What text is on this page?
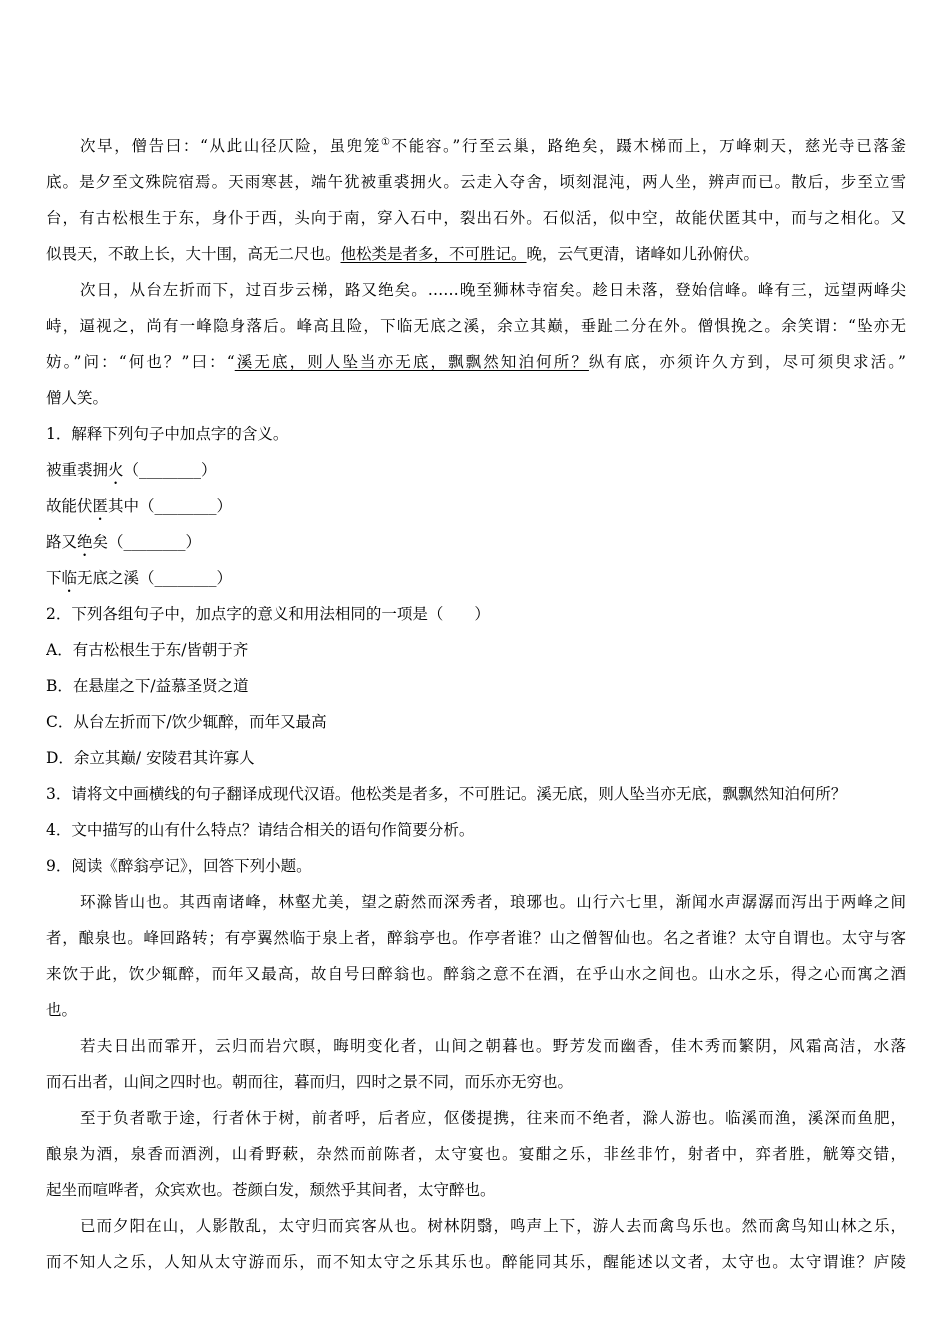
次早，僧告曰：“从此山径仄险，虽兜笼①不能容。”行至云巢，路绝矣，蹑木梯而上，万峰刺天，慈光寺已落釜
底。是夕至文殊院宿焉。天雨寒甚，端午犹被重裘拥火。云走入夺舍，顷刻混沌，两人坐，辨声而已。散后，步至立雪
台，有古松根生于东，身仆于西，头向于南，穿入石中，裂出石外。石似活，似中空，故能伏匿其中，而与之相化。又
似畏天，不敢上长，大十围，高无二尺也。他松类是者多，不可胜记。晚，云气更清，诸峰如儿孙俯伏。
次日，从台左折而下，过百步云梯，路又绝矣。……晚至狮林寺宿矣。趁日未落，登始信峰。峰有三，远望两峰尖
峙，逼视之，尚有一峰隐身落后。峰高且险，下临无底之溪，余立其巅，垂趾二分在外。僧惧挽之。余笑谓：“坠亦无
妨。”问：“何也？”曰：“溪无底，则人坠当亦无底，飘飘然知泊何所？纵有底，亦须许久方到，尽可须臾求活。”
僧人笑。
1．解释下列句子中加点字的含义。
被重裘拥火（________）
故能伏匿其中（________）
路又绝矣（________）
下临无底之溪（________）
2．下列各组句子中，加点字的意义和用法相同的一项是（　　）
A．有古松根生于东/皆朝于齐
B．在悬崖之下/益慕圣贤之道
C．从台左折而下/饮少辄醉，而年又最高
D．余立其巅/ 安陵君其许寡人
3．请将文中画横线的句子翻译成现代汉语。他松类是者多，不可胜记。溪无底，则人坠当亦无底，飘飘然知泊何所？
4．文中描写的山有什么特点？请结合相关的语句作简要分析。
9．阅读《醉翁亭记》，回答下列小题。
环滁皆山也。其西南诸峰，林壑尤美，望之蔚然而深秀者，琅琊也。山行六七里，渐闻水声潺潺而泻出于两峰之间
者，酿泉也。峰回路转；有亭翼然临于泉上者，醉翁亭也。作亭者谁？山之僧智仙也。名之者谁？太守自谓也。太守与客
来饮于此，饮少辄醉，而年又最高，故自号曰醉翁也。醉翁之意不在酒，在乎山水之间也。山水之乐，得之心而寓之酒
也。
若夫日出而霏开，云归而岩穴暝，晦明变化者，山间之朝暮也。野芳发而幽香，佳木秀而繁阴，风霜高洁，水落
而石出者，山间之四时也。朝而往，暮而归，四时之景不同，而乐亦无穷也。
至于负者歌于途，行者休于树，前者呼，后者应，伛偻提携，往来而不绝者，滁人游也。临溪而渔，溪深而鱼肥，
酿泉为酒，泉香而酒洌，山肴野蔌，杂然而前陈者，太守宴也。宴酣之乐，非丝非竹，射者中，弈者胜，觥筹交错，
起坐而喧哗者，众宾欢也。苍颜白发，颓然乎其间者，太守醉也。
已而夕阳在山，人影散乱，太守归而宾客从也。树林阴翳，鸣声上下，游人去而禽鸟乐也。然而禽鸟知山林之乐，
而不知人之乐，人知从太守游而乐，而不知太守之乐其乐也。醉能同其乐，醒能述以文者，太守也。太守谓谁？庐陵
